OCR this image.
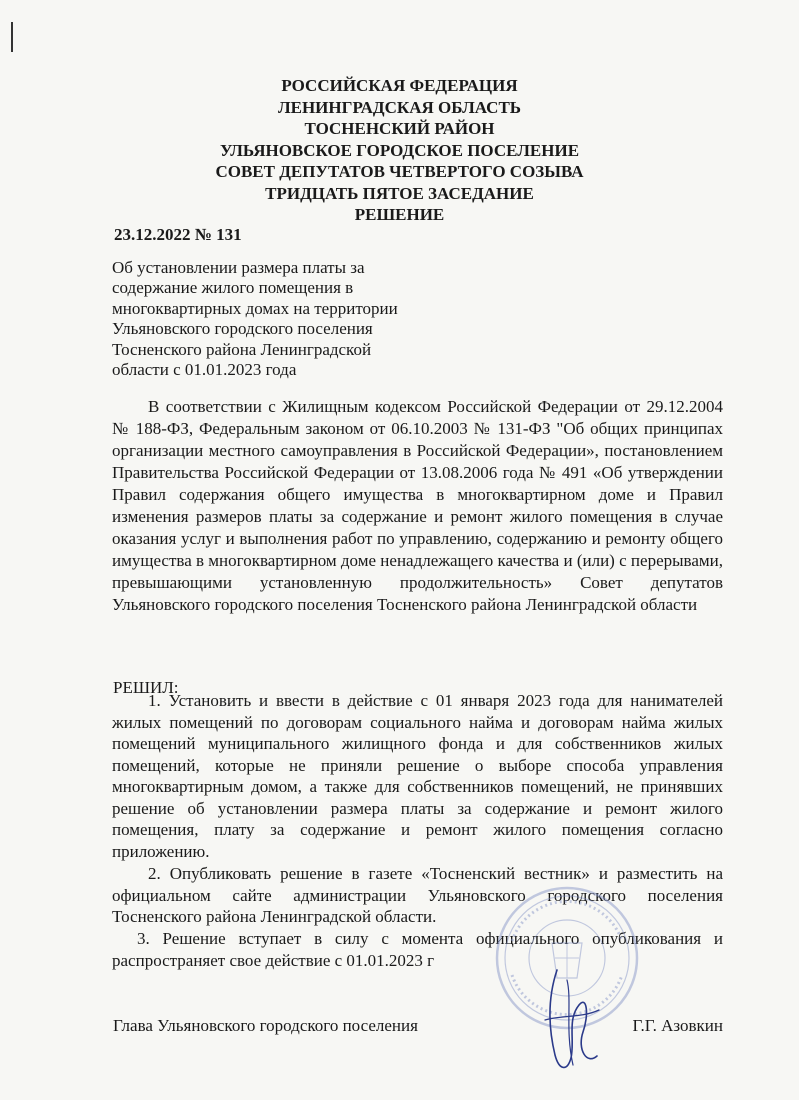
РОССИЙСКАЯ ФЕДЕРАЦИЯ
ЛЕНИНГРАДСКАЯ ОБЛАСТЬ
ТОСНЕНСКИЙ РАЙОН
УЛЬЯНОВСКОЕ ГОРОДСКОЕ ПОСЕЛЕНИЕ
СОВЕТ ДЕПУТАТОВ ЧЕТВЕРТОГО СОЗЫВА
ТРИДЦАТЬ ПЯТОЕ ЗАСЕДАНИЕ
РЕШЕНИЕ
23.12.2022 № 131
Об установлении размера платы за
содержание жилого помещения в
многоквартирных домах на территории
Ульяновского городского поселения
Тосненского района Ленинградской
области с 01.01.2023 года
В соответствии с Жилищным кодексом Российской Федерации от 29.12.2004 № 188-ФЗ, Федеральным законом от 06.10.2003 № 131-ФЗ "Об общих принципах организации местного самоуправления в Российской Федерации», постановлением Правительства Российской Федерации от 13.08.2006 года № 491 «Об утверждении Правил содержания общего имущества в многоквартирном доме и Правил изменения размеров платы за содержание и ремонт жилого помещения в случае оказания услуг и выполнения работ по управлению, содержанию и ремонту общего имущества в многоквартирном доме ненадлежащего качества и (или) с перерывами, превышающими установленную продолжительность» Совет депутатов Ульяновского городского поселения Тосненского района Ленинградской области
РЕШИЛ:
1. Установить и ввести в действие с 01 января 2023 года для нанимателей жилых помещений по договорам социального найма и договорам найма жилых помещений муниципального жилищного фонда и для собственников жилых помещений, которые не приняли решение о выборе способа управления многоквартирным домом, а также для собственников помещений, не принявших решение об установлении размера платы за содержание и ремонт жилого помещения, плату за содержание и ремонт жилого помещения согласно приложению.
2. Опубликовать решение в газете «Тосненский вестник» и разместить на официальном сайте администрации Ульяновского городского поселения Тосненского района Ленинградской области.
3. Решение вступает в силу с момента официального опубликования и распространяет свое действие с 01.01.2023 г
Глава Ульяновского городского поселения	Г.Г. Азовкин
